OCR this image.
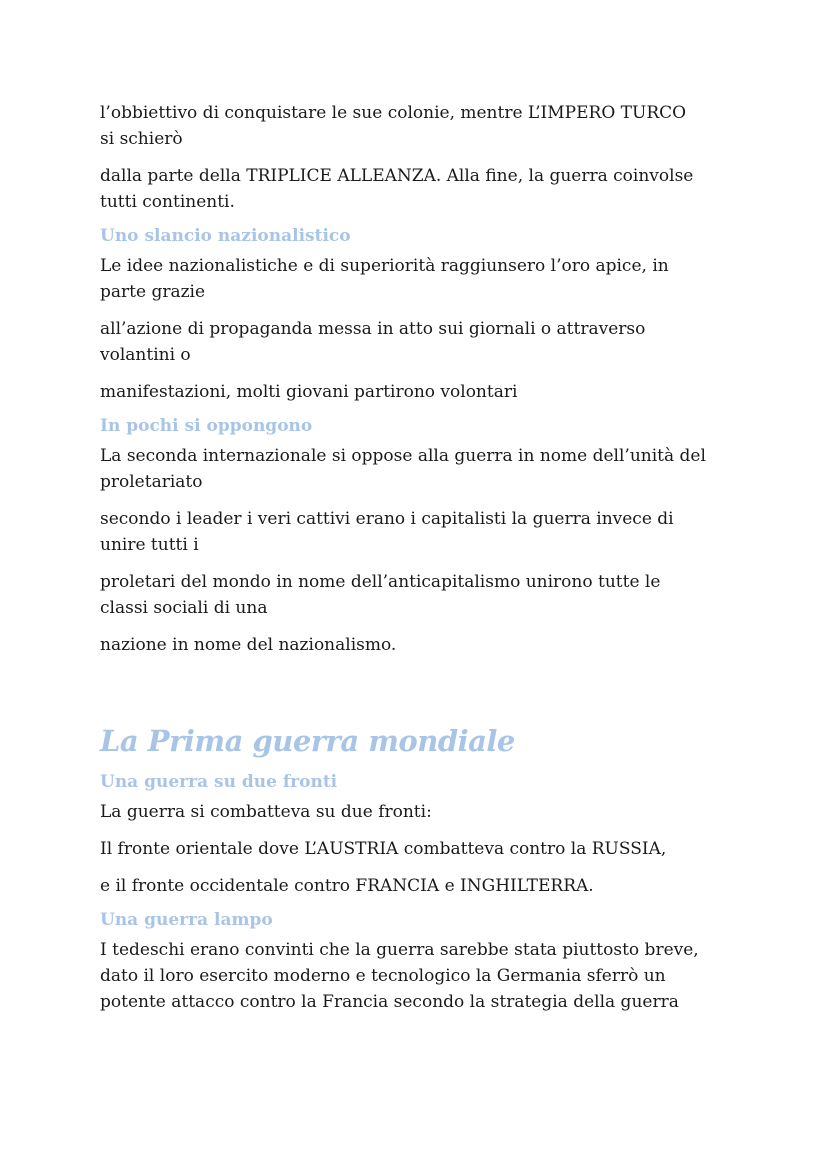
l’obbiettivo di conquistare le sue colonie, mentre L’IMPERO TURCO
si schierò

dalla parte della TRIPLICE ALLEANZA. Alla fine, la guerra coinvolse
tutti continenti.

Uno slancio nazionalistico

Le idee nazionalistiche e di superiorità raggiunsero l’oro apice, in
parte grazie

all’azione di propaganda messa in atto sui giornali o attraverso
volantini o

manifestazioni, molti giovani partirono volontari

In pochi si oppongono

La seconda internazionale si oppose alla guerra in nome dell’unità del
proletariato

secondo i leader i veri cattivi erano i capitalisti la guerra invece di
unire tutti i

proletari del mondo in nome dell’anticapitalismo unirono tutte le
classi sociali di una

nazione in nome del nazionalismo.

La Prima guerra mondiale
Una guerra su due fronti

La guerra si combatteva su due fronti:

Il fronte orientale dove L’AUSTRIA combatteva contro la RUSSIA,

e il fronte occidentale contro FRANCIA e INGHILTERRA.

Una guerra lampo

I tedeschi erano convinti che la guerra sarebbe stata piuttosto breve,
dato il loro esercito moderno e tecnologico la Germania sferrò un
potente attacco contro la Francia secondo la strategia della guerra
